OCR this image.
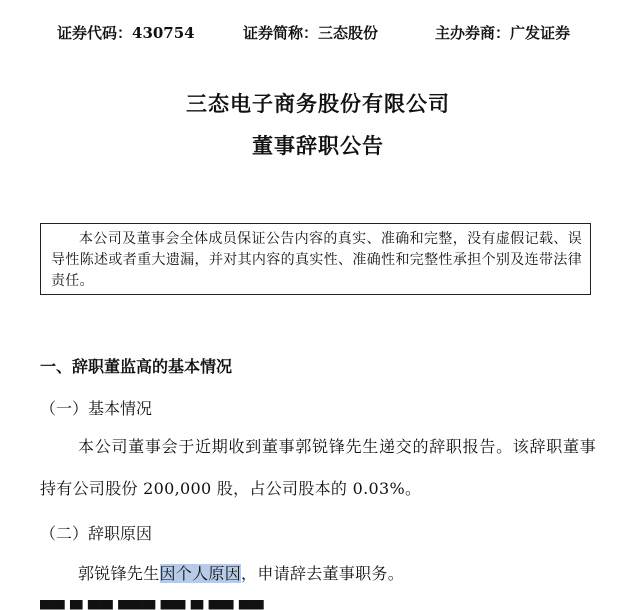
证券代码：430754	证券简称：三态股份	主办券商：广发证券
三态电子商务股份有限公司
董事辞职公告
本公司及董事会全体成员保证公告内容的真实、准确和完整，没有虚假记载、误导性陈述或者重大遗漏，并对其内容的真实性、准确性和完整性承担个别及连带法律责任。
一、辞职董监高的基本情况
（一）基本情况
本公司董事会于近期收到董事郭锐锋先生递交的辞职报告。该辞职董事持有公司股份 200,000 股，占公司股本的 0.03%。
（二）辞职原因
郭锐锋先生因个人原因，申请辞去董事职务。
▀▀ ▀ ▀▀ ▀▀▀ ▀▀ ▀ ▀▀ ▀▀
